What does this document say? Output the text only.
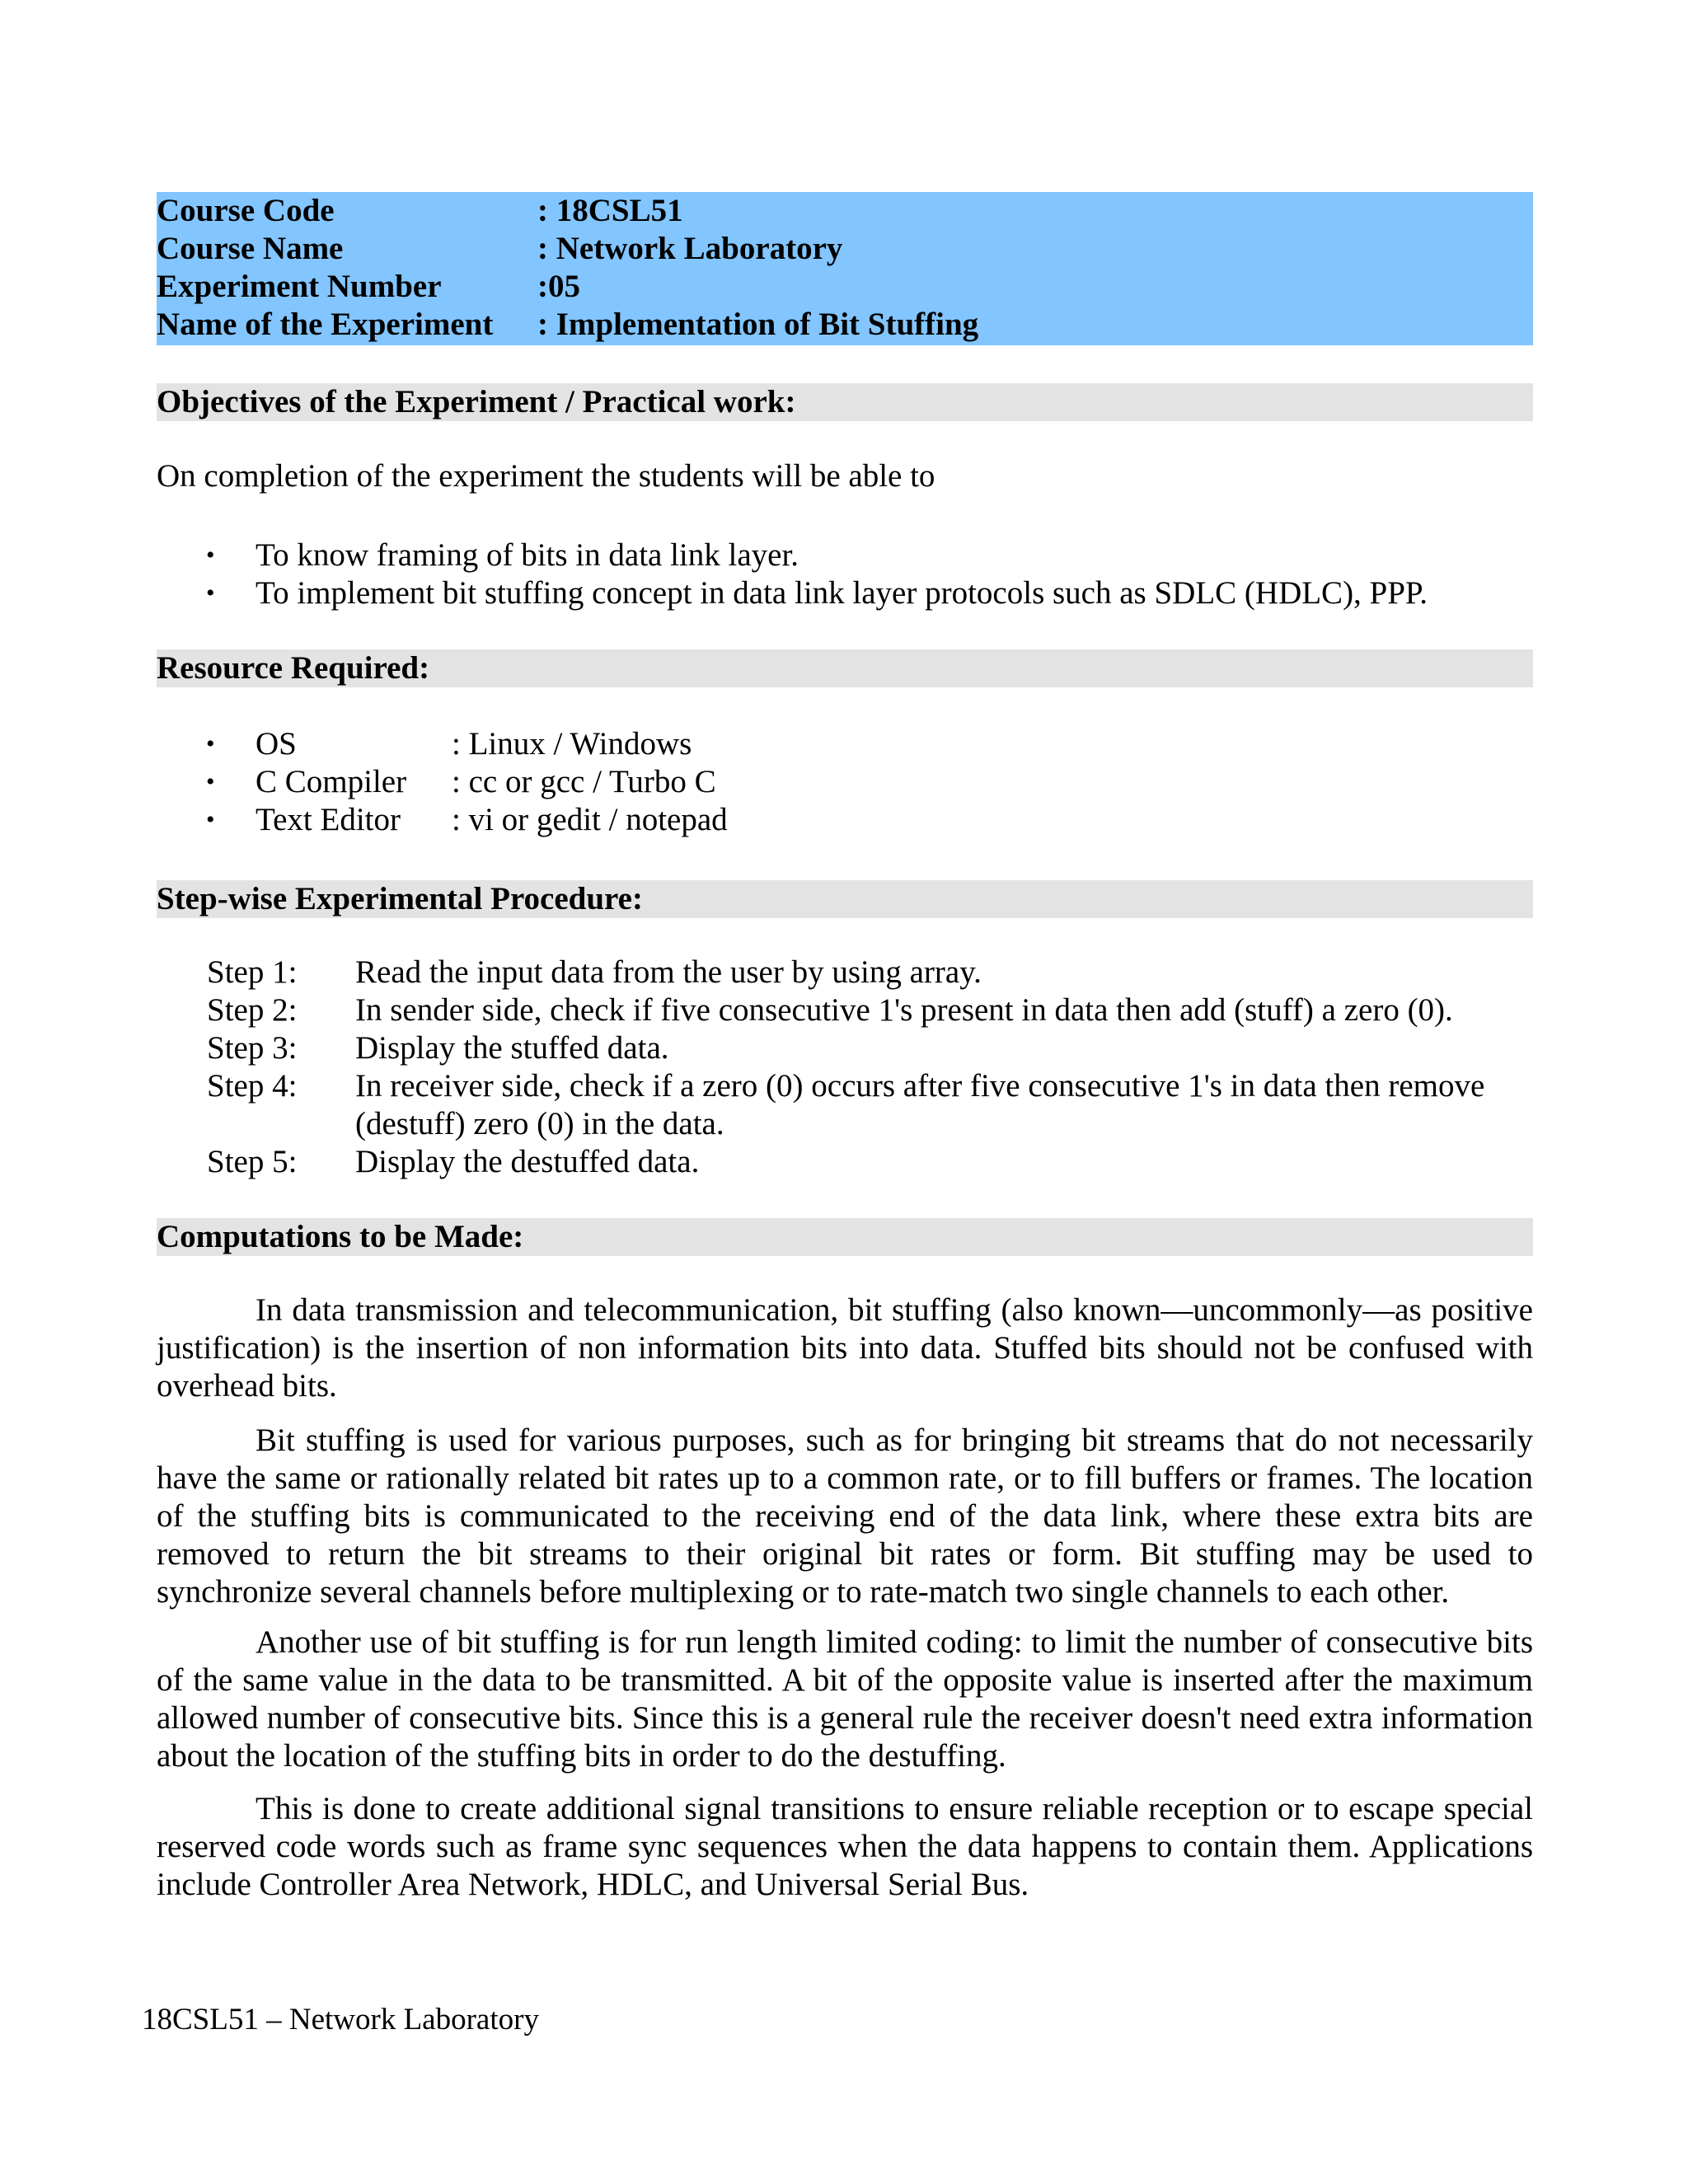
Course Code	: 18CSL51
Course Name	: Network Laboratory
Experiment Number	:05
Name of the Experiment : Implementation of Bit Stuffing
Objectives of the Experiment / Practical work:
On completion of the experiment the students will be able to
• To know framing of bits in data link layer.
• To implement bit stuffing concept in data link layer protocols such as SDLC (HDLC), PPP.
Resource Required:
• OS	: Linux / Windows
• C Compiler : cc or gcc / Turbo C
• Text Editor : vi or gedit / notepad
Step-wise Experimental Procedure:
Step 1: Read the input data from the user by using array.
Step 2: In sender side, check if five consecutive 1's present in data then add (stuff) a zero (0).
Step 3: Display the stuffed data.
Step 4: In receiver side, check if a zero (0) occurs after five consecutive 1's in data then remove
(destuff) zero (0) in the data.
Step 5: Display the destuffed data.
Computations to be Made:
In data transmission and telecommunication, bit stuffing (also known—uncommonly—as positive justification) is the insertion of non information bits into data. Stuffed bits should not be confused with overhead bits.
Bit stuffing is used for various purposes, such as for bringing bit streams that do not necessarily have the same or rationally related bit rates up to a common rate, or to fill buffers or frames. The location of the stuffing bits is communicated to the receiving end of the data link, where these extra bits are removed to return the bit streams to their original bit rates or form. Bit stuffing may be used to synchronize several channels before multiplexing or to rate-match two single channels to each other.
Another use of bit stuffing is for run length limited coding: to limit the number of consecutive bits of the same value in the data to be transmitted. A bit of the opposite value is inserted after the maximum allowed number of consecutive bits. Since this is a general rule the receiver doesn't need extra information about the location of the stuffing bits in order to do the destuffing.
This is done to create additional signal transitions to ensure reliable reception or to escape special reserved code words such as frame sync sequences when the data happens to contain them. Applications include Controller Area Network, HDLC, and Universal Serial Bus.
18CSL51 – Network Laboratory
